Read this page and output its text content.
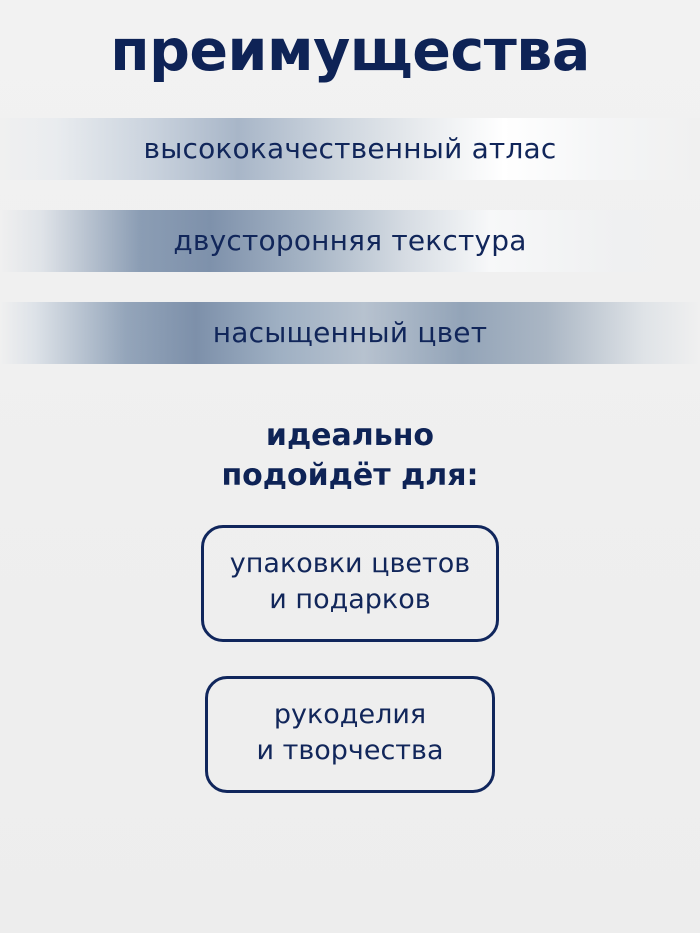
преимущества
высококачественный атлас
двусторонняя текстура
насыщенный цвет
идеально
подойдёт для:
упаковки цветов
и подарков
рукоделия
и творчества
